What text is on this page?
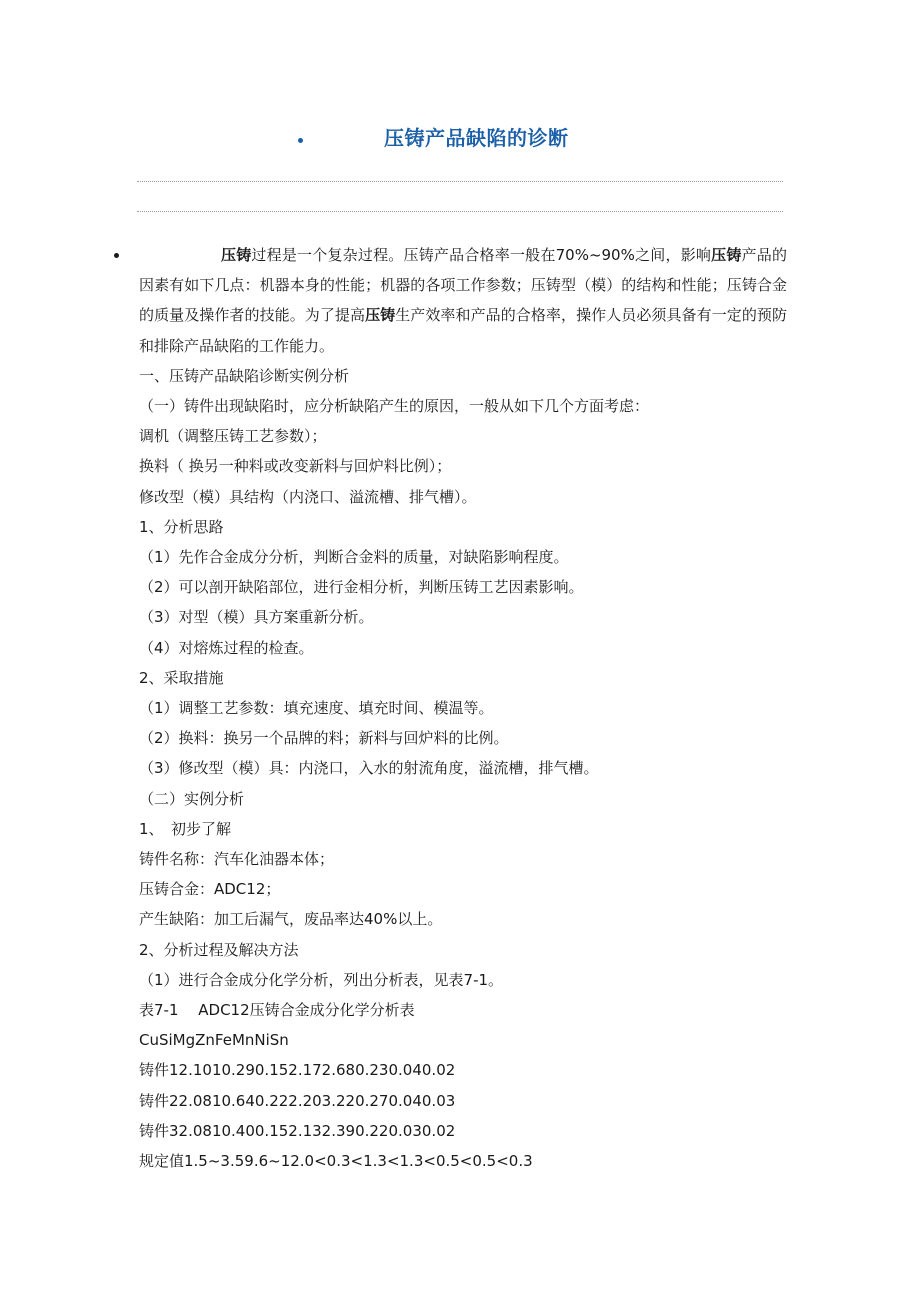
压铸产品缺陷的诊断

压铸过程是一个复杂过程。压铸产品合格率一般在70%~90%之间，影响压铸产品的因素有如下几点：机器本身的性能；机器的各项工作参数；压铸型（模）的结构和性能；压铸合金的质量及操作者的技能。为了提高压铸生产效率和产品的合格率，操作人员必须具备有一定的预防和排除产品缺陷的工作能力。

一、压铸产品缺陷诊断实例分析

（一）铸件出现缺陷时，应分析缺陷产生的原因，一般从如下几个方面考虑：

调机（调整压铸工艺参数）；

换料（ 换另一种料或改变新料与回炉料比例）；

修改型（模）具结构（内浇口、溢流槽、排气槽）。

1、分析思路

（1）先作合金成分分析，判断合金料的质量，对缺陷影响程度。

（2）可以剖开缺陷部位，进行金相分析，判断压铸工艺因素影响。

（3）对型（模）具方案重新分析。

（4）对熔炼过程的检查。

2、采取措施

（1）调整工艺参数：填充速度、填充时间、模温等。

（2）换料：换另一个品牌的料；新料与回炉料的比例。

（3）修改型（模）具：内浇口，入水的射流角度，溢流槽，排气槽。

（二）实例分析

1、　初步了解

铸件名称：汽车化油器本体；

压铸合金：ADC12；

产生缺陷：加工后漏气，废品率达40%以上。

2、分析过程及解决方法

（1）进行合金成分化学分析，列出分析表，见表7-1。

表7-1　 ADC12压铸合金成分化学分析表

CuSiMgZnFeMnNiSn

铸件12.1010.290.152.172.680.230.040.02

铸件22.0810.640.222.203.220.270.040.03

铸件32.0810.400.152.132.390.220.030.02

规定值1.5~3.59.6~12.0<0.3<1.3<1.3<0.5<0.5<0.3
